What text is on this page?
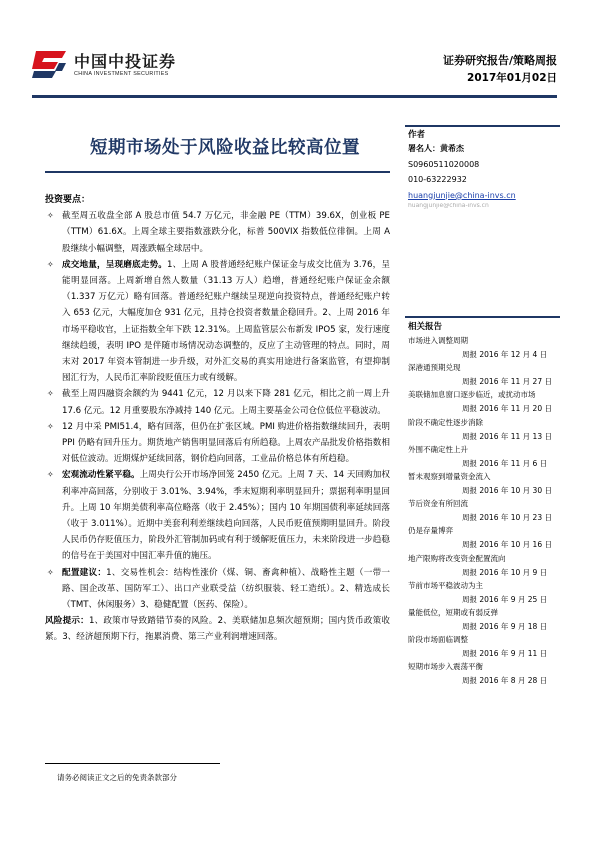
中国中投证券
CHINA INVESTMENT SECURITIES
证券研究报告/策略周报
2017年01月02日
短期市场处于风险收益比较高位置
作者
署名人：黄希杰
S0960511020008
010-63222932
huangjunjie@china-invs.cn
huangjunjie@china-invs.cn
相关报告
市场进入调整周期
周报 2016 年 12 月 4 日
深港通预期兑现
周报 2016 年 11 月 27 日
美联储加息窗口逐步临近，或扰动市场
周报 2016 年 11 月 20 日
阶段不确定性逐步消除
周报 2016 年 11 月 13 日
外围不确定性上升
周报 2016 年 11 月 6 日
暂未观察到增量资金流入
周报 2016 年 10 月 30 日
节后资金有所回流
周报 2016 年 10 月 23 日
仍是存量博弈
周报 2016 年 10 月 16 日
地产限购将改变资金配置流向
周报 2016 年 10 月 9 日
节前市场平稳波动为主
周报 2016 年 9 月 25 日
量能低位，短期或有弱反弹
周报 2016 年 9 月 18 日
阶段市场面临调整
周报 2016 年 9 月 11 日
短期市场步入震荡平衡
周报 2016 年 8 月 28 日
投资要点：
✧ 截至周五收盘全部 A 股总市值 54.7 万亿元，非金融 PE（TTM）39.6X，创业板 PE（TTM）61.6X。上周全球主要指数涨跌分化，标普 500VIX 指数低位徘徊。上周 A 股继续小幅调整，周涨跌幅全球居中。
✧ 成交地量，呈现磨底走势。1、上周 A 股普通经纪账户保证金与成交比值为 3.76，呈能明显回落。上周新增自然人数量（31.13 万人）趋增，普通经纪账户保证金余额（1.337 万亿元）略有回落。普通经纪账户继续呈现逆向投资特点，普通经纪账户转入 653 亿元，大幅度加仓 931 亿元，且持仓投资者数量企稳回升。2、上周 2016 年市场平稳收官，上证指数全年下跌 12.31%。上周监管层公布新发 IPO5 家，发行速度继续趋缓，表明 IPO 是伴随市场情况动态调整的，反应了主动管理的特点。同时，周末对 2017 年资本管制进一步升级，对外汇交易的真实用途进行备案监管，有望抑制囤汇行为，人民币汇率阶段贬值压力或有缓解。
✧ 截至上周四融资余额约为 9441 亿元，12 月以来下降 281 亿元，相比之前一周上升 17.6 亿元。12 月重要股东净减持 140 亿元。上周主要基金公司仓位低位平稳波动。
✧ 12 月中采 PMI51.4，略有回落，但仍在扩张区域。PMI 购进价格指数继续回升，表明 PPI 仍略有回升压力。期货地产销售明显回落后有所趋稳。上周农产品批发价格指数相对低位波动。近期煤炉延续回落，钢价趋向回落，工业品价格总体有所趋稳。
✧ 宏观流动性紧平稳。上周央行公开市场净回笼 2450 亿元。上周 7 天、14 天回购加权利率冲高回落，分别收于 3.01%、3.94%，季末短期利率明显回升；票据利率明显回升。上周 10 年期美债利率高位略落（收于 2.45%）；国内 10 年期国债利率延续回落（收于 3.011%）。近期中美套利利差继续趋向回落，人民币贬值预期明显回升。阶段人民币仍存贬值压力，阶段外汇管制加码或有利于缓解贬值压力，未来阶段进一步趋稳的信号在于美国对中国汇率升值的施压。
✧ 配置建议：1、交易性机会：结构性涨价（煤、铜、畜禽种植）、战略性主题（一带一路、国企改革、国防军工）、出口产业联受益（纺织服装、轻工造纸）。2、精选成长（TMT、休闲服务）3、稳健配置（医药、保险）。
风险提示：1、政策市导致踏错节奏的风险。2、美联储加息频次超预期；国内货币政策收紧。3、经济超预期下行，拖累消费、第三产业利润增速回落。
请务必阅读正文之后的免责条款部分
